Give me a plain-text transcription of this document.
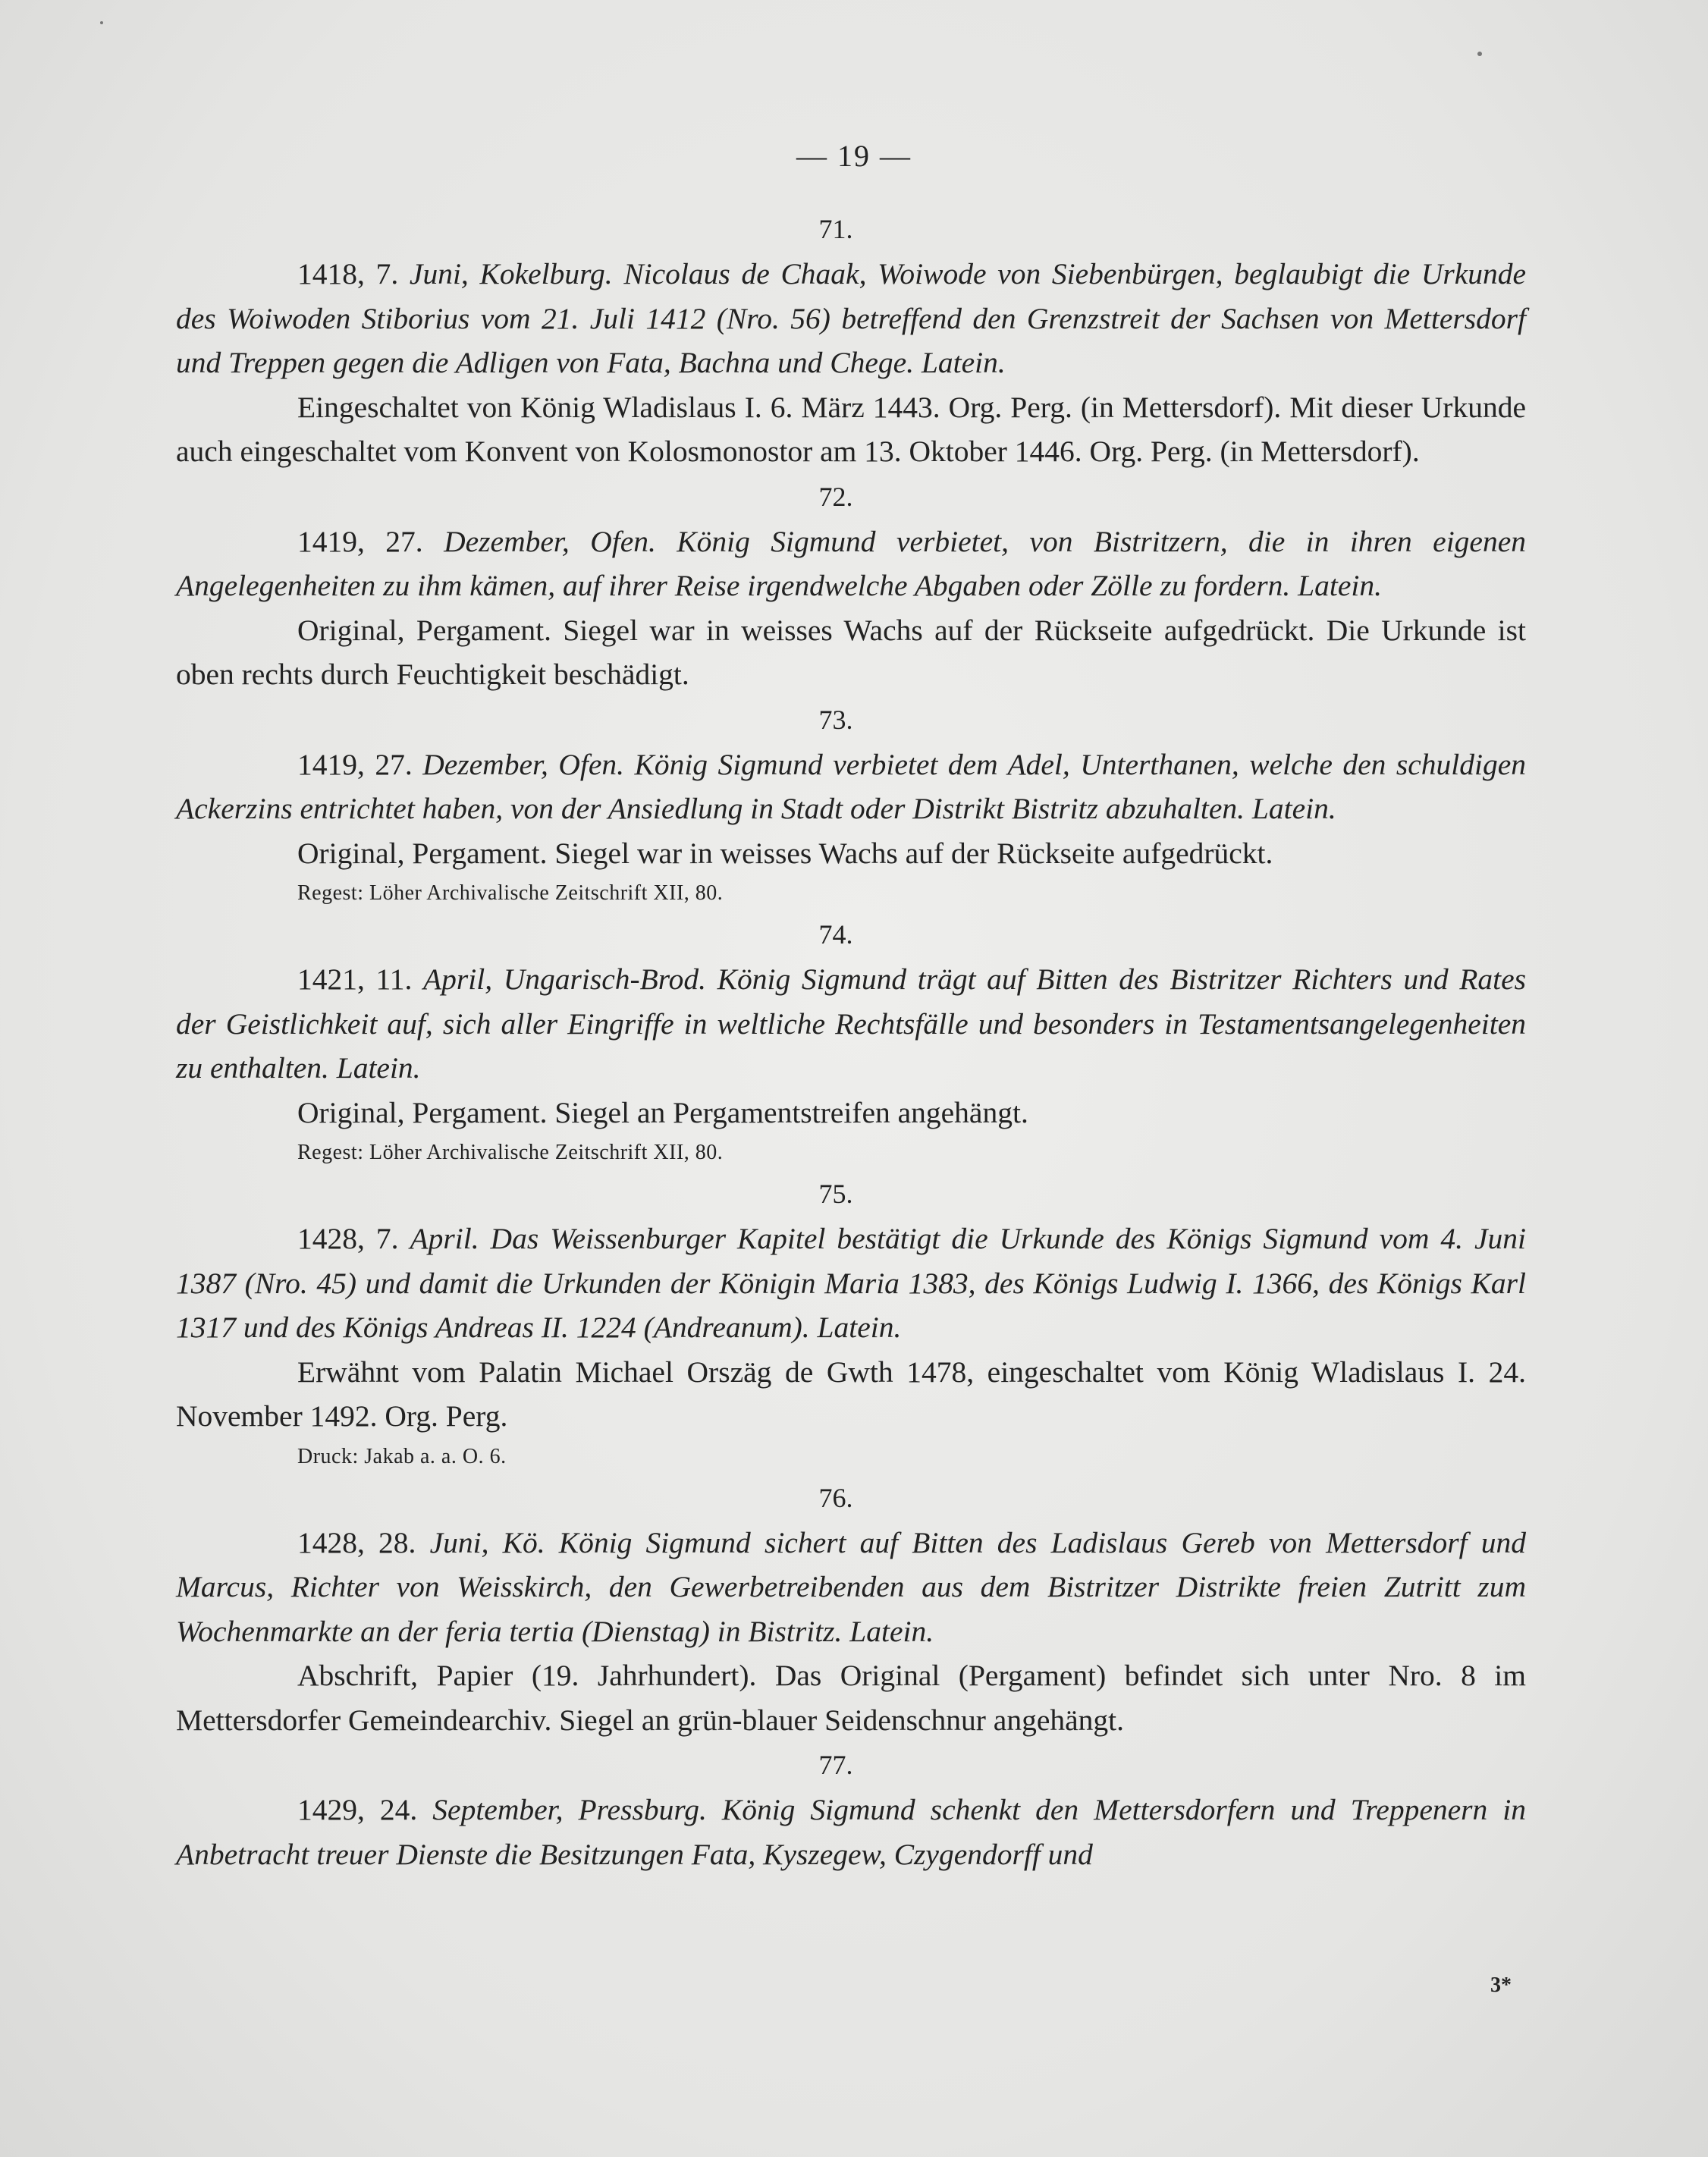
— 19 —
71.

1418, 7. Juni, Kokelburg. Nicolaus de Chaak, Woiwode von Siebenbürgen, beglaubigt die Urkunde des Woiwoden Stiborius vom 21. Juli 1412 (Nro. 56) betreffend den Grenzstreit der Sachsen von Mettersdorf und Treppen gegen die Adligen von Fata, Bachna und Chege. Latein.

Eingeschaltet von König Wladislaus I. 6. März 1443. Org. Perg. (in Mettersdorf). Mit dieser Urkunde auch eingeschaltet vom Konvent von Kolosmonostor am 13. Oktober 1446. Org. Perg. (in Mettersdorf).

72.

1419, 27. Dezember, Ofen. König Sigmund verbietet, von Bistritzern, die in ihren eigenen Angelegenheiten zu ihm kämen, auf ihrer Reise irgendwelche Abgaben oder Zölle zu fordern. Latein.

Original, Pergament. Siegel war in weisses Wachs auf der Rückseite aufgedrückt. Die Urkunde ist oben rechts durch Feuchtigkeit beschädigt.

73.

1419, 27. Dezember, Ofen. König Sigmund verbietet dem Adel, Unterthanen, welche den schuldigen Ackerzins entrichtet haben, von der Ansiedlung in Stadt oder Distrikt Bistritz abzuhalten. Latein.

Original, Pergament. Siegel war in weisses Wachs auf der Rückseite aufgedrückt.

Regest: Löher Archivalische Zeitschrift XII, 80.
74.

1421, 11. April, Ungarisch-Brod. König Sigmund trägt auf Bitten des Bistritzer Richters und Rates der Geistlichkeit auf, sich aller Eingriffe in weltliche Rechtsfälle und besonders in Testamentsangelegenheiten zu enthalten. Latein.

Original, Pergament. Siegel an Pergamentstreifen angehängt.

Regest: Löher Archivalische Zeitschrift XII, 80.
75.

1428, 7. April. Das Weissenburger Kapitel bestätigt die Urkunde des Königs Sigmund vom 4. Juni 1387 (Nro. 45) und damit die Urkunden der Königin Maria 1383, des Königs Ludwig I. 1366, des Königs Karl 1317 und des Königs Andreas II. 1224 (Andreanum). Latein.

Erwähnt vom Palatin Michael Orszäg de Gwth 1478, eingeschaltet vom König Wladislaus I. 24. November 1492. Org. Perg.

Druck: Jakab a. a. O. 6.
76.

1428, 28. Juni, Kö. König Sigmund sichert auf Bitten des Ladislaus Gereb von Mettersdorf und Marcus, Richter von Weisskirch, den Gewerbetreibenden aus dem Bistritzer Distrikte freien Zutritt zum Wochenmarkte an der feria tertia (Dienstag) in Bistritz. Latein.

Abschrift, Papier (19. Jahrhundert). Das Original (Pergament) befindet sich unter Nro. 8 im Mettersdorfer Gemeindearchiv. Siegel an grün-blauer Seidenschnur angehängt.

77.

1429, 24. September, Pressburg. König Sigmund schenkt den Mettersdorfern und Treppenern in Anbetracht treuer Dienste die Besitzungen Fata, Kyszegew, Czygendorff und

3*
